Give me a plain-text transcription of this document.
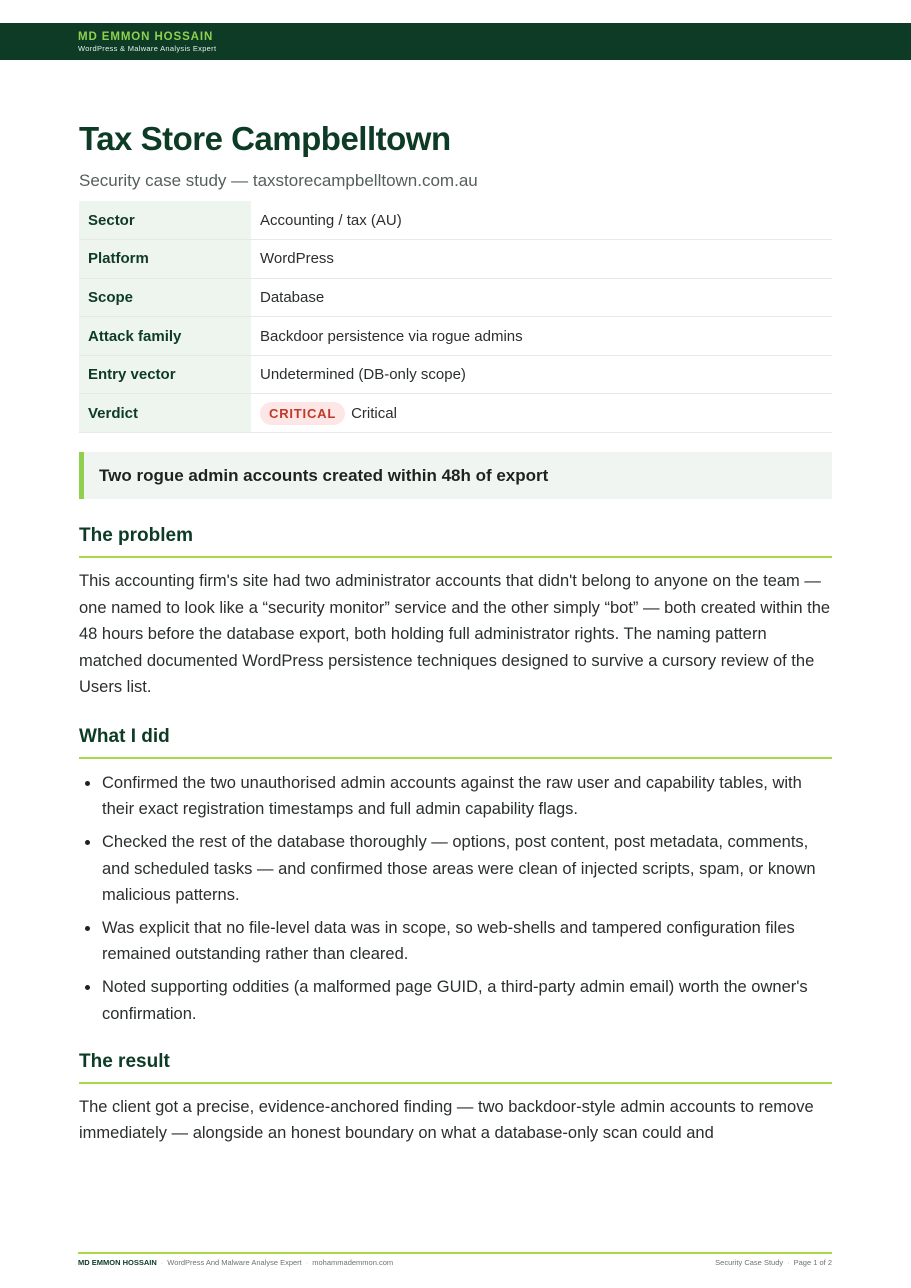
MD EMMON HOSSAIN
WordPress & Malware Analysis Expert
Tax Store Campbelltown
Security case study — taxstorecampbelltown.com.au
Sector	Accounting / tax (AU)
Platform	WordPress
Scope	Database
Attack family	Backdoor persistence via rogue admins
Entry vector	Undetermined (DB-only scope)
Verdict	CRITICAL Critical
Two rogue admin accounts created within 48h of export
The problem

This accounting firm's site had two administrator accounts that didn't belong to anyone on the team — one named to look like a “security monitor” service and the other simply “bot” — both created within the 48 hours before the database export, both holding full administrator rights. The naming pattern matched documented WordPress persistence techniques designed to survive a cursory review of the Users list.

What I did
Confirmed the two unauthorised admin accounts against the raw user and capability tables, with their exact registration timestamps and full admin capability flags.
Checked the rest of the database thoroughly — options, post content, post metadata, comments, and scheduled tasks — and confirmed those areas were clean of injected scripts, spam, or known malicious patterns.
Was explicit that no file-level data was in scope, so web-shells and tampered configuration files remained outstanding rather than cleared.
Noted supporting oddities (a malformed page GUID, a third-party admin email) worth the owner's confirmation.
The result

The client got a precise, evidence-anchored finding — two backdoor-style admin accounts to remove immediately — alongside an honest boundary on what a database-only scan could and

MD EMMON HOSSAIN · WordPress And Malware Analyse Expert · mohammademmon.com	Security Case Study · Page 1 of 2
